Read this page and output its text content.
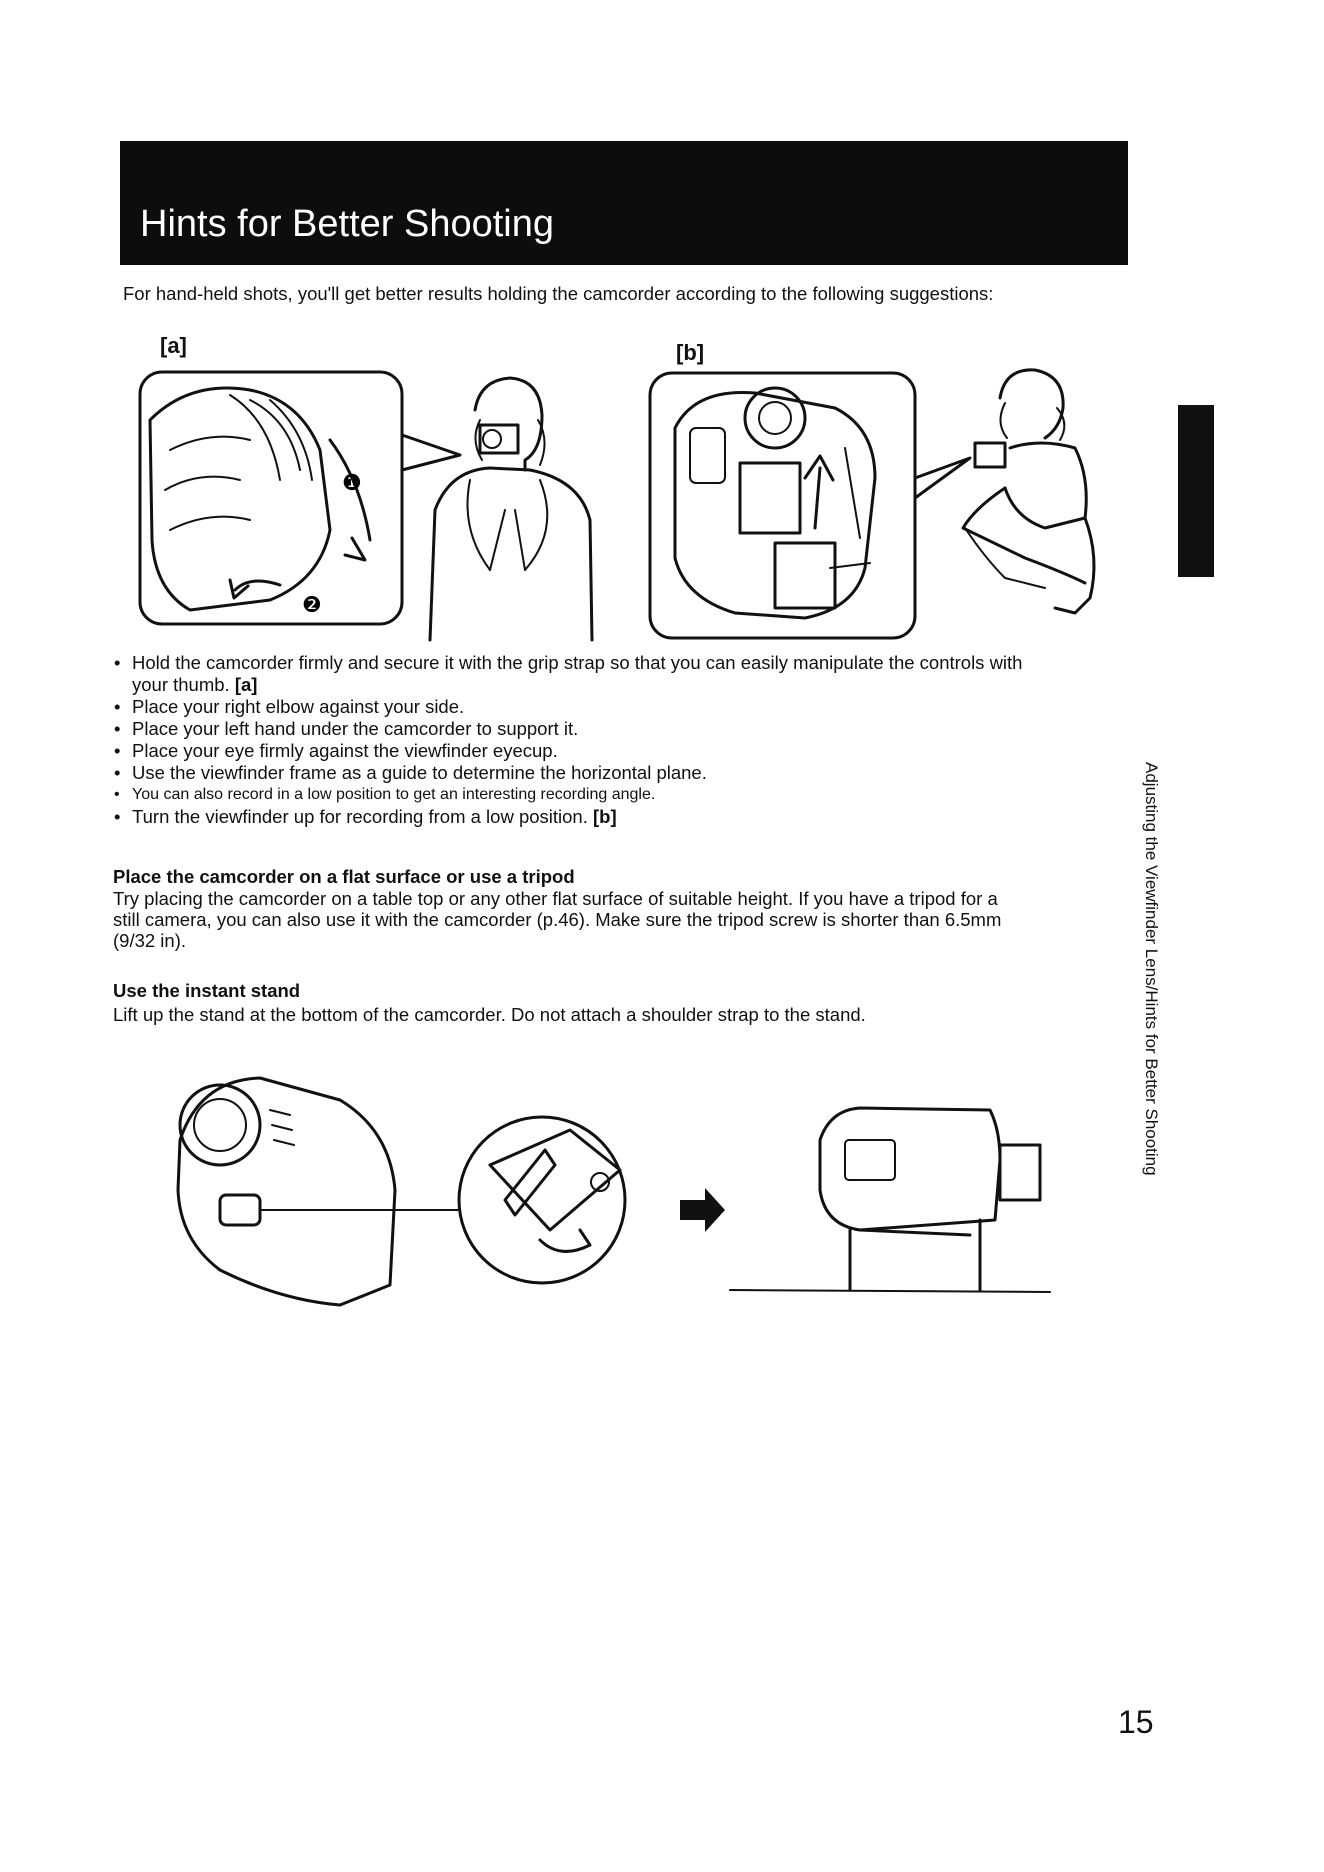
Hints for Better Shooting
For hand-held shots, you'll get better results holding the camcorder according to the following suggestions:
[a]	[b]
❶
❷
• Hold the camcorder firmly and secure it with the grip strap so that you can easily manipulate the controls with
your thumb. [a]
• Place your right elbow against your side.
• Place your left hand under the camcorder to support it.
• Place your eye firmly against the viewfinder eyecup.
• Use the viewfinder frame as a guide to determine the horizontal plane.
• You can also record in a low position to get an interesting recording angle.
• Turn the viewfinder up for recording from a low position. [b]
Place the camcorder on a flat surface or use a tripod
Try placing the camcorder on a table top or any other flat surface of suitable height. If you have a tripod for a
still camera, you can also use it with the camcorder (p.46). Make sure the tripod screw is shorter than 6.5mm
(9/32 in).
Use the instant stand
Lift up the stand at the bottom of the camcorder. Do not attach a shoulder strap to the stand.	Adjusting the Viewfinder Lens/Hints for Better Shooting
15
